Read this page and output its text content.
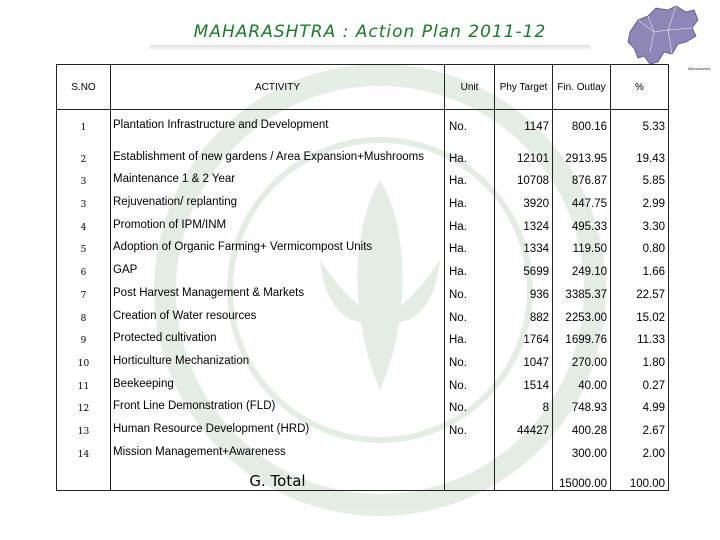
MAHARASHTRA : Action Plan 2011-12
Maharashtra
S.NO	ACTIVITY	Unit	Phy Target	Fin. Outlay	%
1	Plantation Infrastructure and Development	No.	1147	800.16	5.33
2	Establishment of new gardens / Area Expansion+Mushrooms	Ha.	12101	2913.95	19.43
3	Maintenance 1 & 2 Year	Ha.	10708	876.87	5.85
3	Rejuvenation/ replanting	Ha.	3920	447.75	2.99
4	Promotion of IPM/INM	Ha.	1324	495.33	3.30
5	Adoption of Organic Farming+ Vermicompost Units	Ha.	1334	119.50	0.80
6	GAP	Ha.	5699	249.10	1.66
7	Post Harvest Management & Markets	No.	936	3385.37	22.57
8	Creation of Water resources	No.	882	2253.00	15.02
9	Protected cultivation	Ha.	1764	1699.76	11.33
10	Horticulture Mechanization	No.	1047	270.00	1.80
11	Beekeeping	No.	1514	40.00	0.27
12	Front Line Demonstration (FLD)	No.	8	748.93	4.99
13	Human Resource Development (HRD)	No.	44427	400.28	2.67
14	Mission Management+Awareness			300.00	2.00
	G. Total			15000.00	100.00
